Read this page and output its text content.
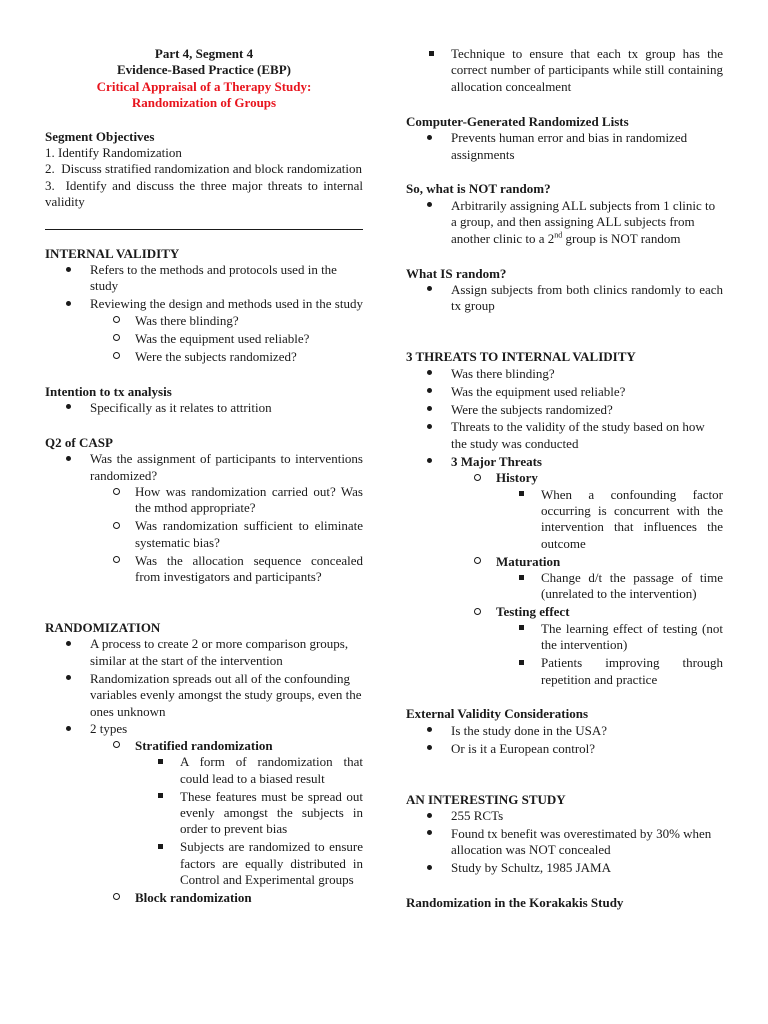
Part 4, Segment 4
Evidence-Based Practice (EBP)
Critical Appraisal of a Therapy Study:
Randomization of Groups

Segment Objectives

1. Identify Randomization
2.  Discuss stratified randomization and block randomization
3.  Identify and discuss the three major threats to internal validity

INTERNAL VALIDITY

Refers to the methods and protocols used in the study
Reviewing the design and methods used in the study
Was there blinding?
Was the equipment used reliable?
Were the subjects randomized?

Intention to tx analysis

Specifically as it relates to attrition

Q2 of CASP

Was the assignment of participants to interventions randomized?
How was randomization carried out? Was the mthod appropriate?
Was randomization sufficient to eliminate systematic bias?
Was the allocation sequence concealed from investigators and participants?

RANDOMIZATION

A process to create 2 or more comparison groups, similar at the start of the intervention
Randomization spreads out all of the confounding variables evenly amongst the study groups, even the ones unknown
2 types
Stratified randomization
A form of randomization that could lead to a biased result
These features must be spread out evenly amongst the subjects in order to prevent bias
Subjects are randomized to ensure factors are equally distributed in Control and Experimental groups
Block randomization
Technique to ensure that each tx group has the correct number of participants while still containing allocation concealment

Computer-Generated Randomized Lists

Prevents human error and bias in randomized assignments

So, what is NOT random?

Arbitrarily assigning ALL subjects from 1 clinic to a group, and then assigning ALL subjects from another clinic to a 2nd group is NOT random

What IS random?

Assign subjects from both clinics randomly to each tx group

3 THREATS TO INTERNAL VALIDITY

Was there blinding?
Was the equipment used reliable?
Were the subjects randomized?
Threats to the validity of the study based on how the study was conducted
3 Major Threats
History
When a confounding factor occurring is concurrent with the intervention that influences the outcome
Maturation
Change d/t the passage of time (unrelated to the intervention)
Testing effect
The learning effect of testing (not the intervention)
Patients improving through repetition and practice

External Validity Considerations

Is the study done in the USA?
Or is it a European control?

AN INTERESTING STUDY

255 RCTs
Found tx benefit was overestimated by 30% when allocation was NOT concealed
Study by Schultz, 1985 JAMA

Randomization in the Korakakis Study
